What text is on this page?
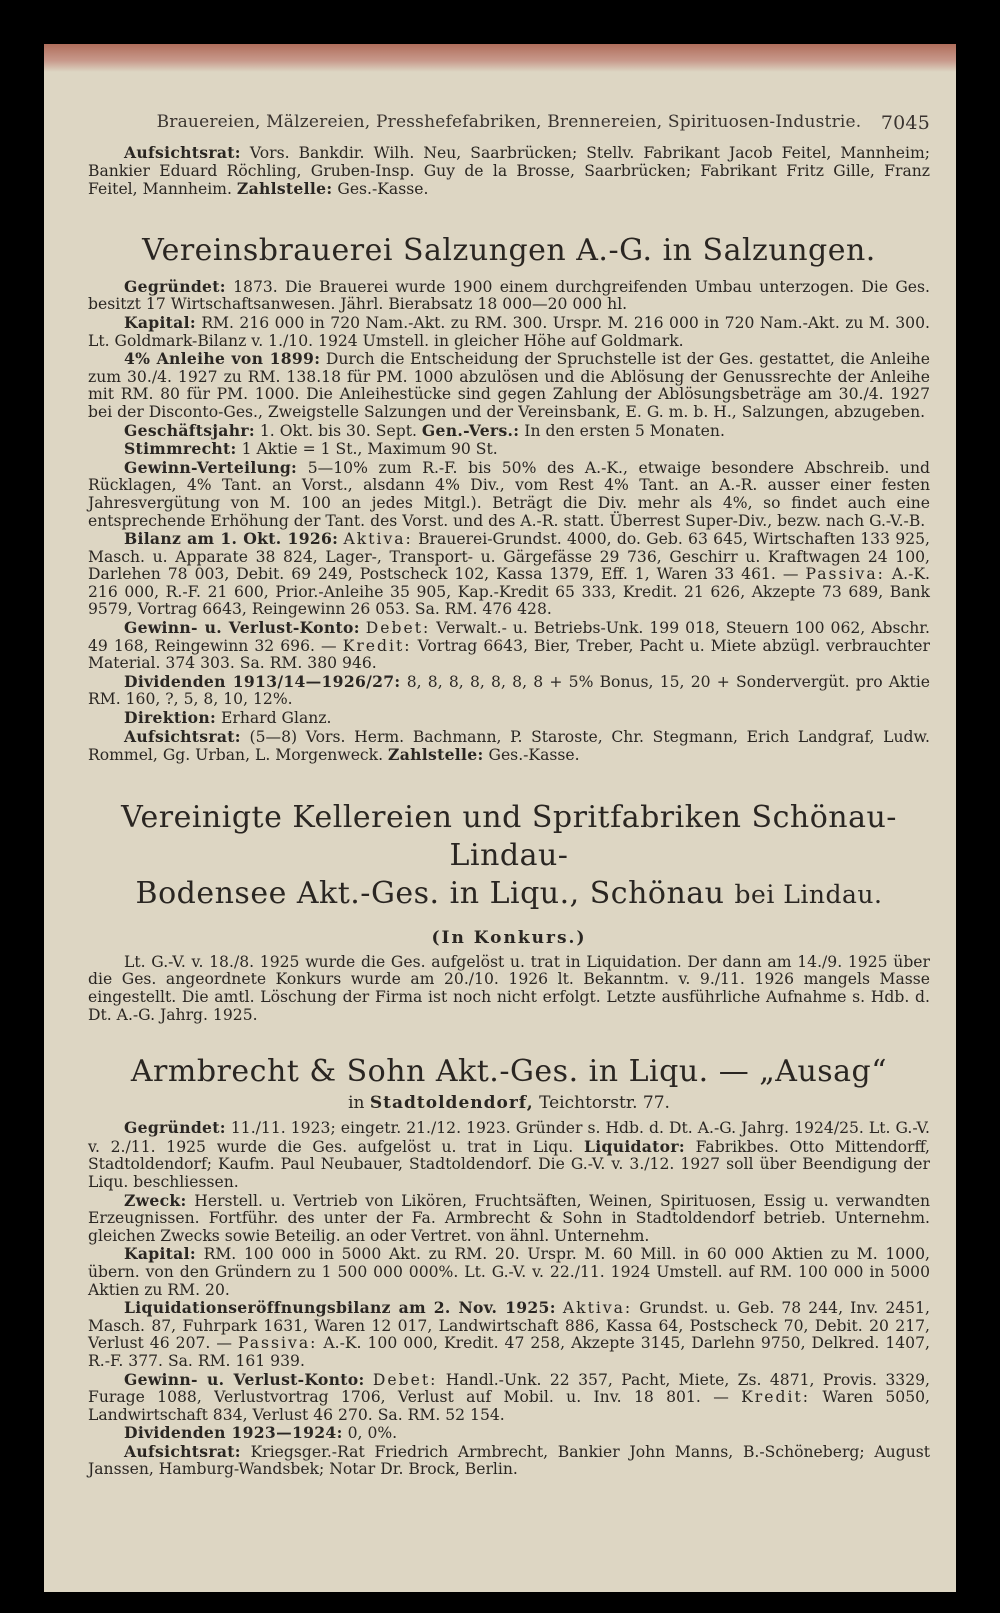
Brauereien, Mälzereien, Presshefefabriken, Brennereien, Spirituosen-Industrie. 7045

Aufsichtsrat: Vors. Bankdir. Wilh. Neu, Saarbrücken; Stellv. Fabrikant Jacob Feitel, Mannheim; Bankier Eduard Röchling, Gruben-Insp. Guy de la Brosse, Saarbrücken; Fabrikant Fritz Gille, Franz Feitel, Mannheim. Zahlstelle: Ges.-Kasse.

Vereinsbrauerei Salzungen A.-G. in Salzungen.

Gegründet: 1873. Die Brauerei wurde 1900 einem durchgreifenden Umbau unterzogen. Die Ges. besitzt 17 Wirtschaftsanwesen. Jährl. Bierabsatz 18 000—20 000 hl.

Kapital: RM. 216 000 in 720 Nam.-Akt. zu RM. 300. Urspr. M. 216 000 in 720 Nam.-Akt. zu M. 300. Lt. Goldmark-Bilanz v. 1./10. 1924 Umstell. in gleicher Höhe auf Goldmark.

4% Anleihe von 1899: Durch die Entscheidung der Spruchstelle ist der Ges. gestattet, die Anleihe zum 30./4. 1927 zu RM. 138.18 für PM. 1000 abzulösen und die Ablösung der Genussrechte der Anleihe mit RM. 80 für PM. 1000. Die Anleihestücke sind gegen Zahlung der Ablösungsbeträge am 30./4. 1927 bei der Disconto-Ges., Zweigstelle Salzungen und der Vereinsbank, E. G. m. b. H., Salzungen, abzugeben.

Geschäftsjahr: 1. Okt. bis 30. Sept. Gen.-Vers.: In den ersten 5 Monaten.

Stimmrecht: 1 Aktie = 1 St., Maximum 90 St.

Gewinn-Verteilung: 5—10% zum R.-F. bis 50% des A.-K., etwaige besondere Abschreib. und Rücklagen, 4% Tant. an Vorst., alsdann 4% Div., vom Rest 4% Tant. an A.-R. ausser einer festen Jahresvergütung von M. 100 an jedes Mitgl.). Beträgt die Div. mehr als 4%, so findet auch eine entsprechende Erhöhung der Tant. des Vorst. und des A.-R. statt. Überrest Super-Div., bezw. nach G.-V.-B.

Bilanz am 1. Okt. 1926: Aktiva: Brauerei-Grundst. 4000, do. Geb. 63 645, Wirtschaften 133 925, Masch. u. Apparate 38 824, Lager-, Transport- u. Gärgefässe 29 736, Geschirr u. Kraftwagen 24 100, Darlehen 78 003, Debit. 69 249, Postscheck 102, Kassa 1379, Eff. 1, Waren 33 461. — Passiva: A.-K. 216 000, R.-F. 21 600, Prior.-Anleihe 35 905, Kap.-Kredit 65 333, Kredit. 21 626, Akzepte 73 689, Bank 9579, Vortrag 6643, Reingewinn 26 053. Sa. RM. 476 428.

Gewinn- u. Verlust-Konto: Debet: Verwalt.- u. Betriebs-Unk. 199 018, Steuern 100 062, Abschr. 49 168, Reingewinn 32 696. — Kredit: Vortrag 6643, Bier, Treber, Pacht u. Miete abzügl. verbrauchter Material. 374 303. Sa. RM. 380 946.

Dividenden 1913/14—1926/27: 8, 8, 8, 8, 8, 8, 8 + 5% Bonus, 15, 20 + Sondervergüt. pro Aktie RM. 160, ?, 5, 8, 10, 12%.

Direktion: Erhard Glanz.

Aufsichtsrat: (5—8) Vors. Herm. Bachmann, P. Staroste, Chr. Stegmann, Erich Landgraf, Ludw. Rommel, Gg. Urban, L. Morgenweck. Zahlstelle: Ges.-Kasse.

Vereinigte Kellereien und Spritfabriken Schönau-Lindau-
Bodensee Akt.-Ges. in Liqu., Schönau bei Lindau.
(In Konkurs.)

Lt. G.-V. v. 18./8. 1925 wurde die Ges. aufgelöst u. trat in Liquidation. Der dann am 14./9. 1925 über die Ges. angeordnete Konkurs wurde am 20./10. 1926 lt. Bekanntm. v. 9./11. 1926 mangels Masse eingestellt. Die amtl. Löschung der Firma ist noch nicht erfolgt. Letzte ausführliche Aufnahme s. Hdb. d. Dt. A.-G. Jahrg. 1925.

Armbrecht & Sohn Akt.-Ges. in Liqu. — „Ausag“
in Stadtoldendorf, Teichtorstr. 77.

Gegründet: 11./11. 1923; eingetr. 21./12. 1923. Gründer s. Hdb. d. Dt. A.-G. Jahrg. 1924/25. Lt. G.-V. v. 2./11. 1925 wurde die Ges. aufgelöst u. trat in Liqu. Liquidator: Fabrikbes. Otto Mittendorff, Stadtoldendorf; Kaufm. Paul Neubauer, Stadtoldendorf. Die G.-V. v. 3./12. 1927 soll über Beendigung der Liqu. beschliessen.

Zweck: Herstell. u. Vertrieb von Likören, Fruchtsäften, Weinen, Spirituosen, Essig u. verwandten Erzeugnissen. Fortführ. des unter der Fa. Armbrecht & Sohn in Stadtoldendorf betrieb. Unternehm. gleichen Zwecks sowie Beteilig. an oder Vertret. von ähnl. Unternehm.

Kapital: RM. 100 000 in 5000 Akt. zu RM. 20. Urspr. M. 60 Mill. in 60 000 Aktien zu M. 1000, übern. von den Gründern zu 1 500 000 000%. Lt. G.-V. v. 22./11. 1924 Umstell. auf RM. 100 000 in 5000 Aktien zu RM. 20.

Liquidationseröffnungsbilanz am 2. Nov. 1925: Aktiva: Grundst. u. Geb. 78 244, Inv. 2451, Masch. 87, Fuhrpark 1631, Waren 12 017, Landwirtschaft 886, Kassa 64, Postscheck 70, Debit. 20 217, Verlust 46 207. — Passiva: A.-K. 100 000, Kredit. 47 258, Akzepte 3145, Darlehn 9750, Delkred. 1407, R.-F. 377. Sa. RM. 161 939.

Gewinn- u. Verlust-Konto: Debet: Handl.-Unk. 22 357, Pacht, Miete, Zs. 4871, Provis. 3329, Furage 1088, Verlustvortrag 1706, Verlust auf Mobil. u. Inv. 18 801. — Kredit: Waren 5050, Landwirtschaft 834, Verlust 46 270. Sa. RM. 52 154.

Dividenden 1923—1924: 0, 0%.

Aufsichtsrat: Kriegsger.-Rat Friedrich Armbrecht, Bankier John Manns, B.-Schöneberg; August Janssen, Hamburg-Wandsbek; Notar Dr. Brock, Berlin.
